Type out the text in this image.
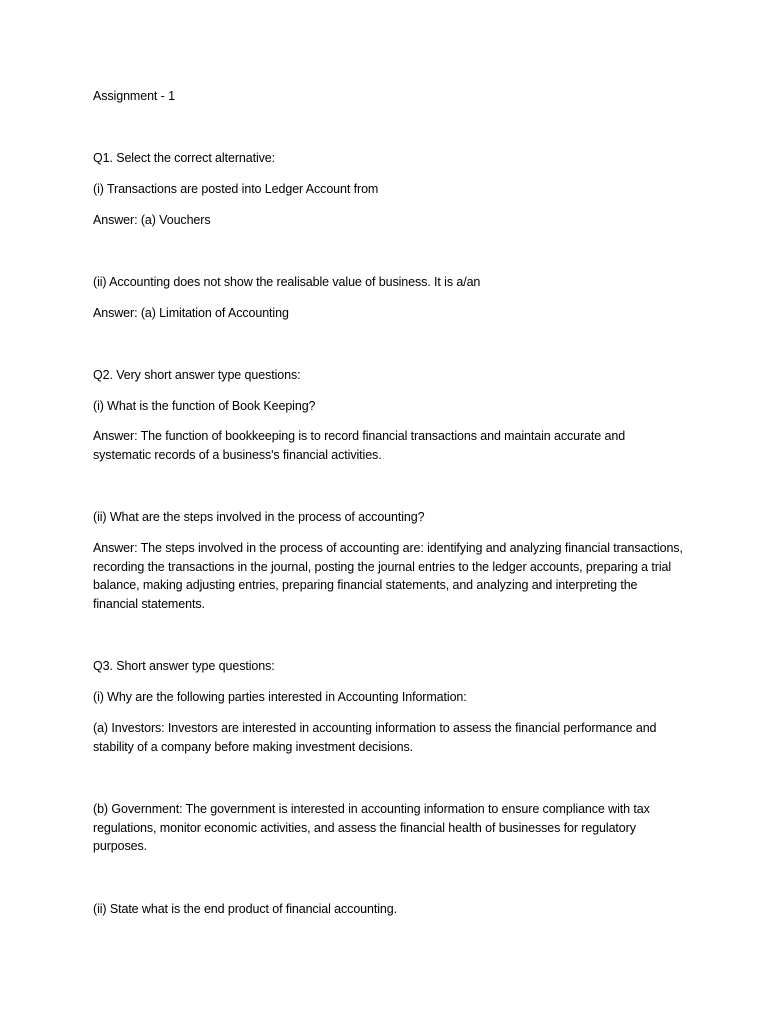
Assignment - 1

Q1. Select the correct alternative:

(i) Transactions are posted into Ledger Account from

Answer: (a) Vouchers

(ii) Accounting does not show the realisable value of business. It is a/an

Answer: (a) Limitation of Accounting

Q2. Very short answer type questions:

(i) What is the function of Book Keeping?

Answer: The function of bookkeeping is to record financial transactions and maintain accurate and systematic records of a business's financial activities.

(ii) What are the steps involved in the process of accounting?

Answer: The steps involved in the process of accounting are: identifying and analyzing financial transactions, recording the transactions in the journal, posting the journal entries to the ledger accounts, preparing a trial balance, making adjusting entries, preparing financial statements, and analyzing and interpreting the financial statements.

Q3. Short answer type questions:

(i) Why are the following parties interested in Accounting Information:

(a) Investors: Investors are interested in accounting information to assess the financial performance and stability of a company before making investment decisions.

(b) Government: The government is interested in accounting information to ensure compliance with tax regulations, monitor economic activities, and assess the financial health of businesses for regulatory purposes.

(ii) State what is the end product of financial accounting.
